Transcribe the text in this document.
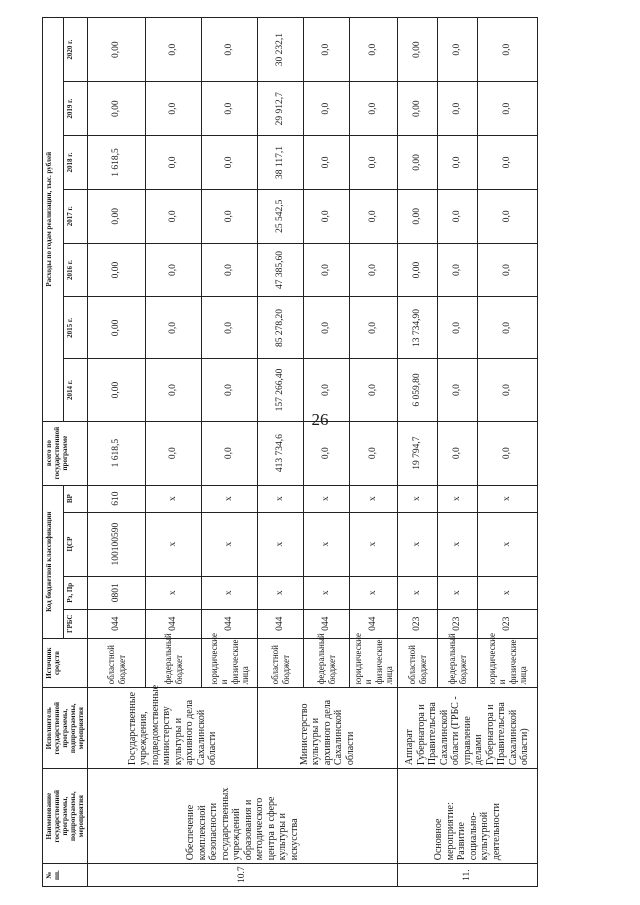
26
№ пп.	Наименование государственной программы, подпрограммы, мероприятия	Исполнитель государственной программы, подпрограммы, мероприятия	Источник средств	Код бюджетной классификации				всего по государственной программе	Расходы по годам реализации, тыс. рублей						
				ГРБС	Рз, Пр	ЦСР	ВР		2014 г.	2015 г.	2016 г.	2017 г.	2018 г.	2019 г.	2020 г.
10.7	Обеспечение комплексной безопасности государственных учреждений образования и методического центра в сфере культуры и искусства	Государственные учреждения, подведомственные министерству культуры и архивного дела Сахалинской области	областной бюджет	044	0801	100100590	610	1 618,5	0,00	0,00	0,00	0,00	1 618,5	0,00	0,00
			федеральный бюджет	044	x	x	x	0,0	0,0	0,0	0,0	0,0	0,0	0,0	0,0
			юридические и физические лица	044	x	x	x	0,0	0,0	0,0	0,0	0,0	0,0	0,0	0,0
		Министерство культуры и архивного дела Сахалинской области	областной бюджет	044	x	x	x	413 734,6	157 266,40	85 278,20	47 385,60	25 542,5	38 117,1	29 912,7	30 232,1
			федеральный бюджет	044	x	x	x	0,0	0,0	0,0	0,0	0,0	0,0	0,0	0,0
			юридические и физические лица	044	x	x	x	0,0	0,0	0,0	0,0	0,0	0,0	0,0	0,0
11.	Основное мероприятие: Развитие социально-культурной деятельности	Аппарат Губернатора и Правительства Сахалинской области (ГРБС - управление делами Губернатора и Правительства Сахалинской области)	областной бюджет	023	x	x	x	19 794,7	6 059,80	13 734,90	0,00	0,00	0,00	0,00	0,00
			федеральный бюджет	023	x	x	x	0,0	0,0	0,0	0,0	0,0	0,0	0,0	0,0
			юридические и физические лица	023	x	x	x	0,0	0,0	0,0	0,0	0,0	0,0	0,0	0,0
